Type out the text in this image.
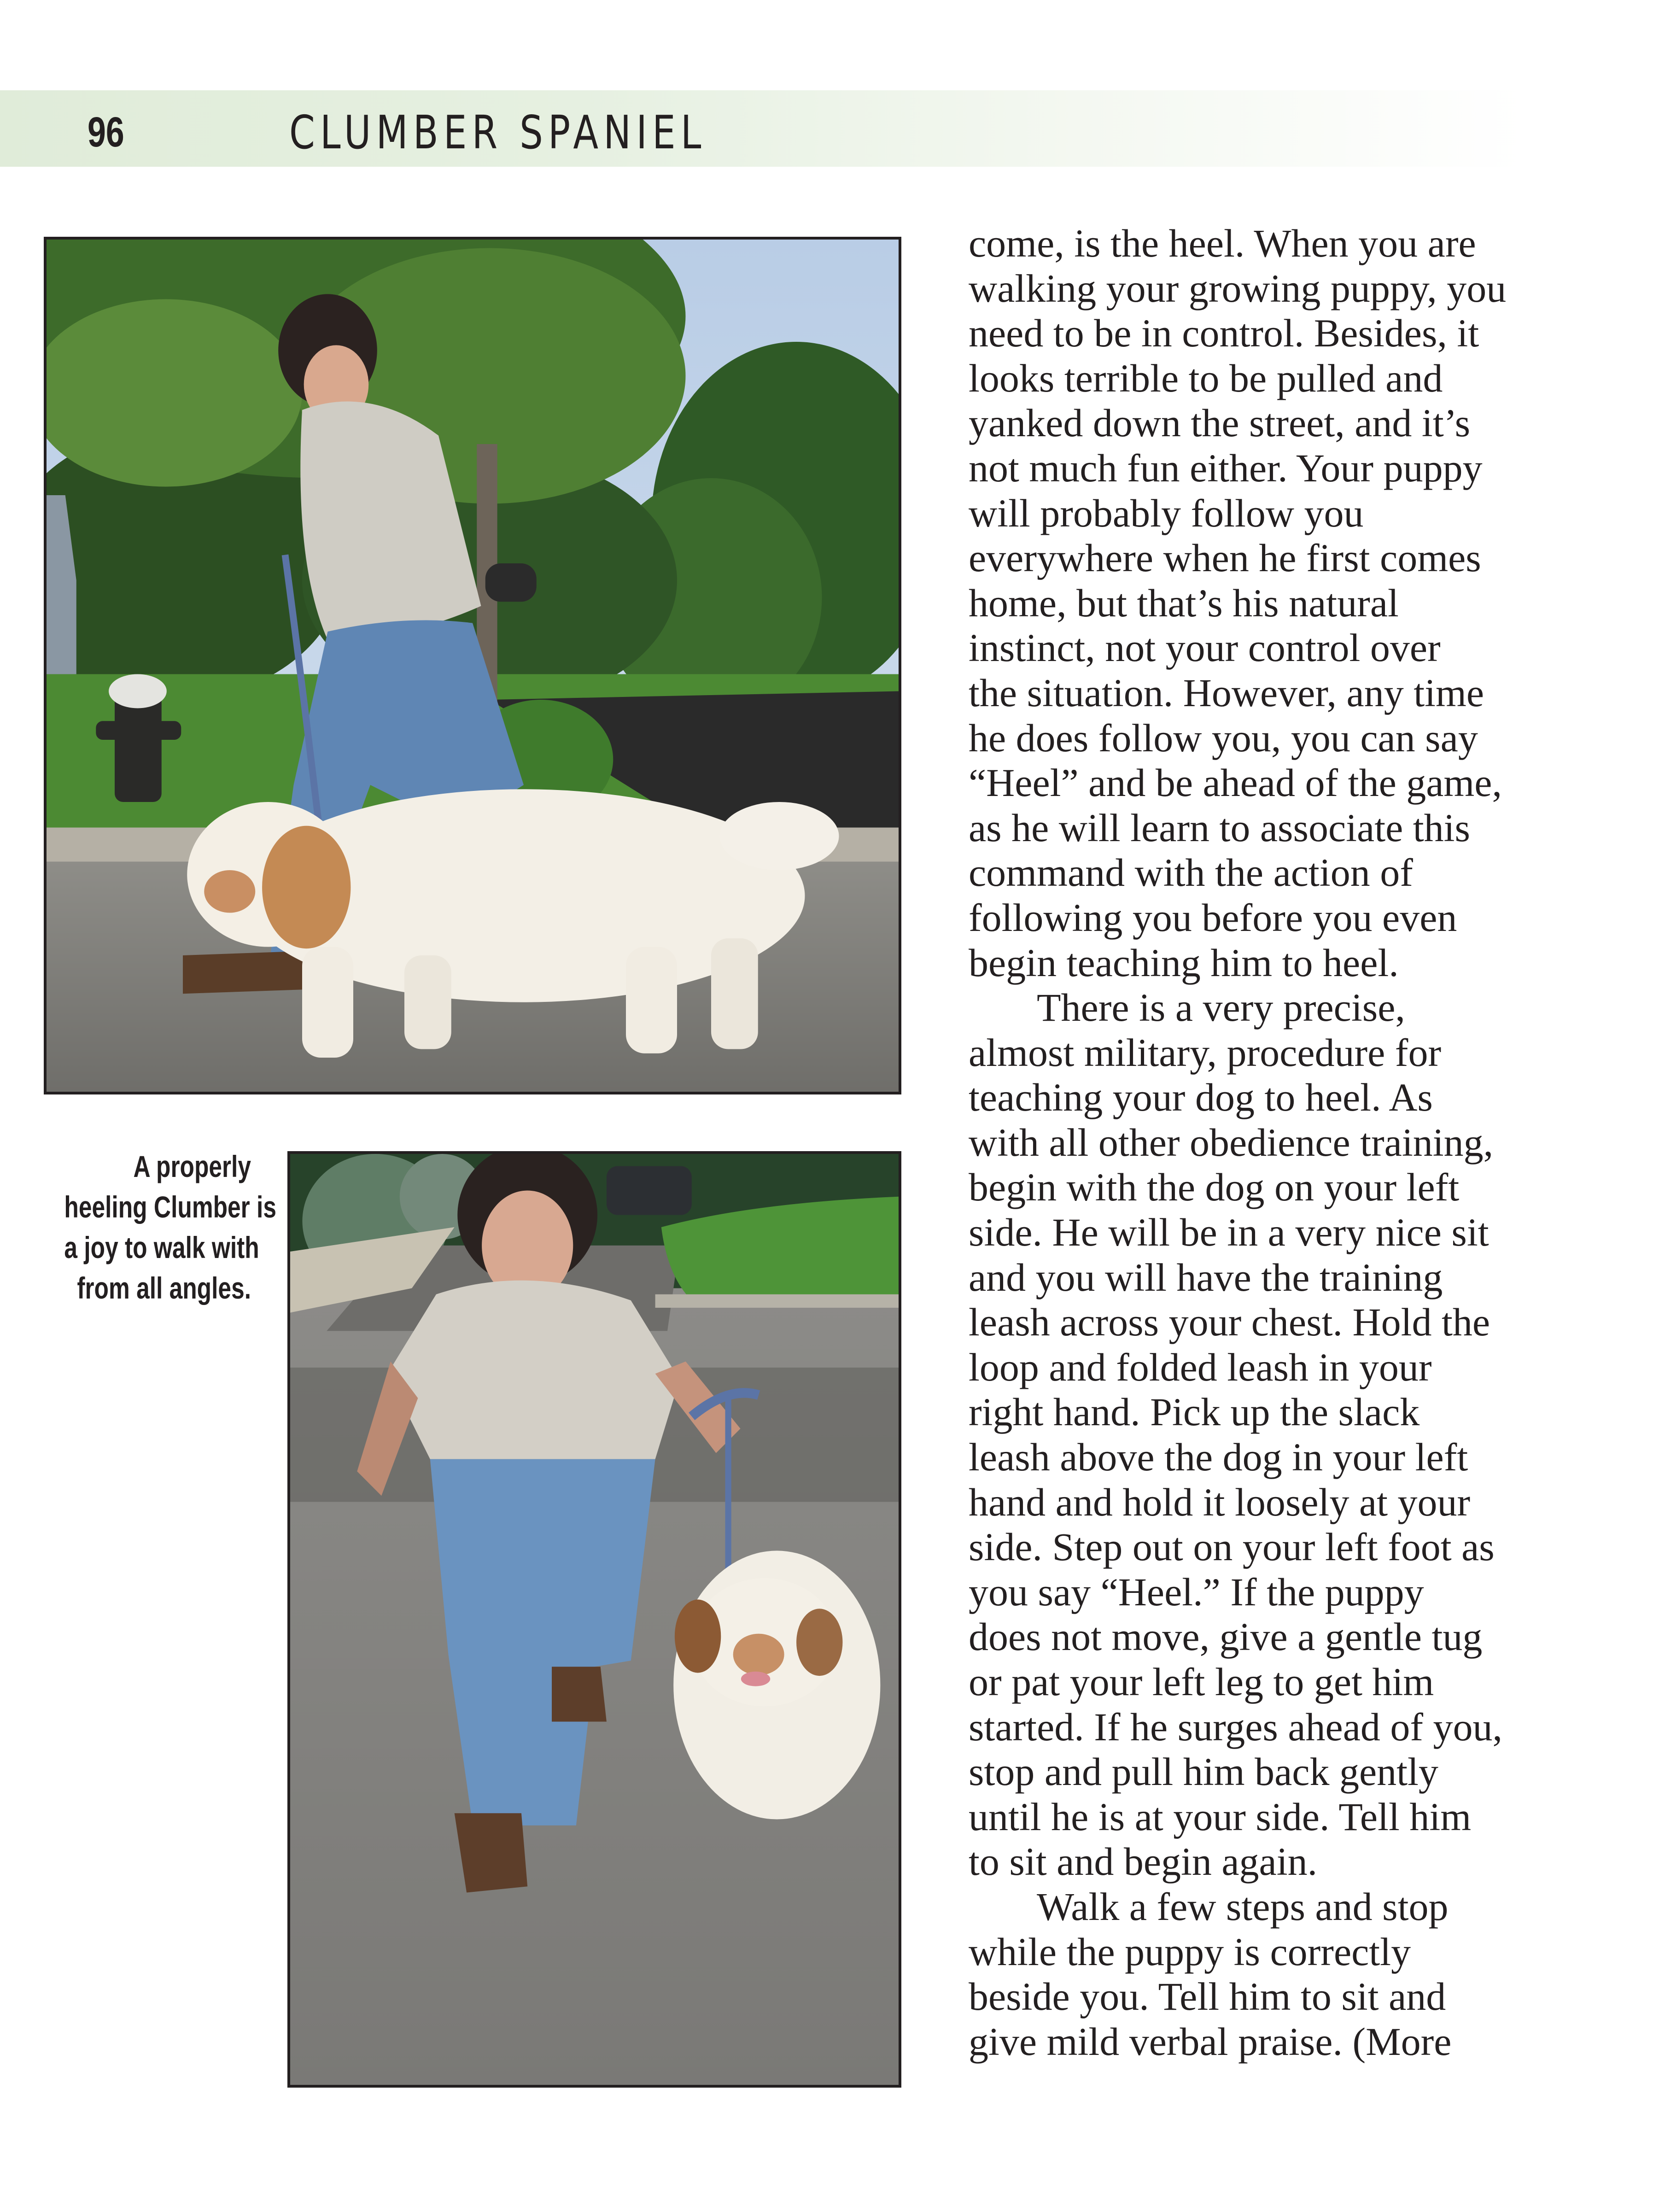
96	CLUMBER SPANIEL
A properly
heeling Clumber is
a joy to walk with
from all angles.
come, is the heel. When you are
walking your growing puppy, you
need to be in control. Besides, it
looks terrible to be pulled and
yanked down the street, and it’s
not much fun either. Your puppy
will probably follow you
everywhere when he first comes
home, but that’s his natural
instinct, not your control over
the situation. However, any time
he does follow you, you can say
“Heel” and be ahead of the game,
as he will learn to associate this
command with the action of
following you before you even
begin teaching him to heel.
There is a very precise,
almost military, procedure for
teaching your dog to heel. As
with all other obedience training,
begin with the dog on your left
side. He will be in a very nice sit
and you will have the training
leash across your chest. Hold the
loop and folded leash in your
right hand. Pick up the slack
leash above the dog in your left
hand and hold it loosely at your
side. Step out on your left foot as
you say “Heel.” If the puppy
does not move, give a gentle tug
or pat your left leg to get him
started. If he surges ahead of you,
stop and pull him back gently
until he is at your side. Tell him
to sit and begin again.
Walk a few steps and stop
while the puppy is correctly
beside you. Tell him to sit and
give mild verbal praise. (More
